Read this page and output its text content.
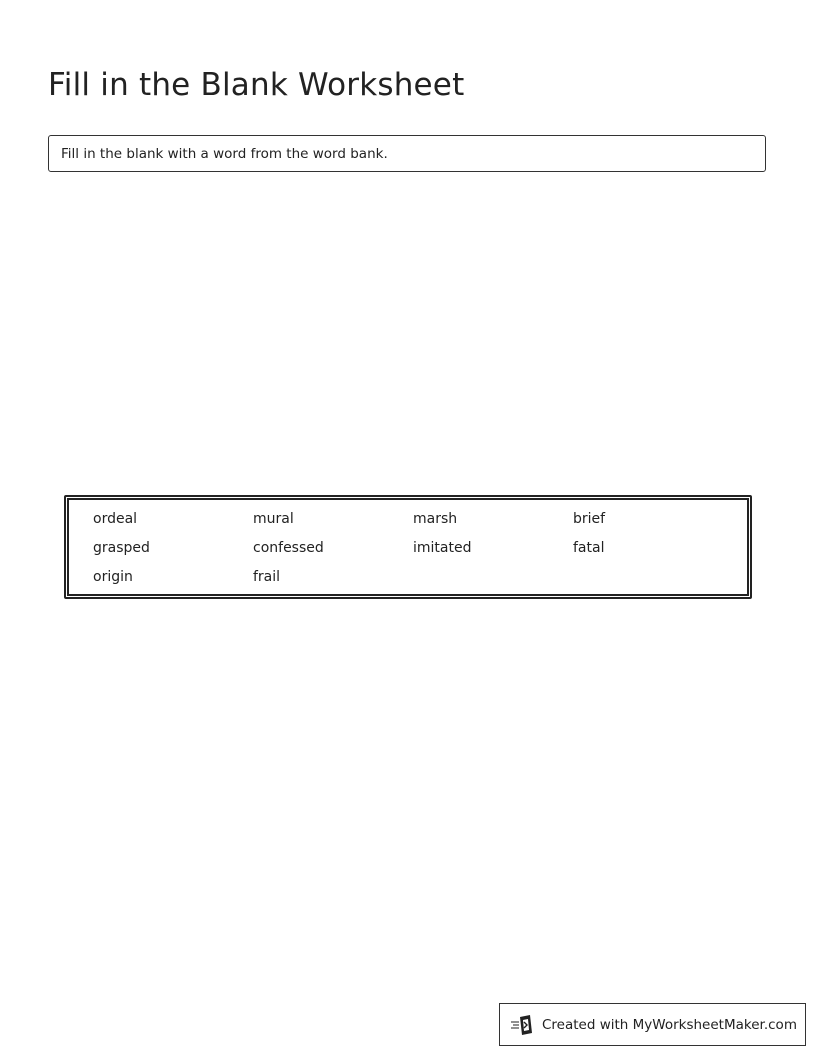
Fill in the Blank Worksheet
Fill in the blank with a word from the word bank.
ordeal	mural	marsh	brief
grasped	confessed	imitated	fatal
origin	frail
Created with MyWorksheetMaker.com
